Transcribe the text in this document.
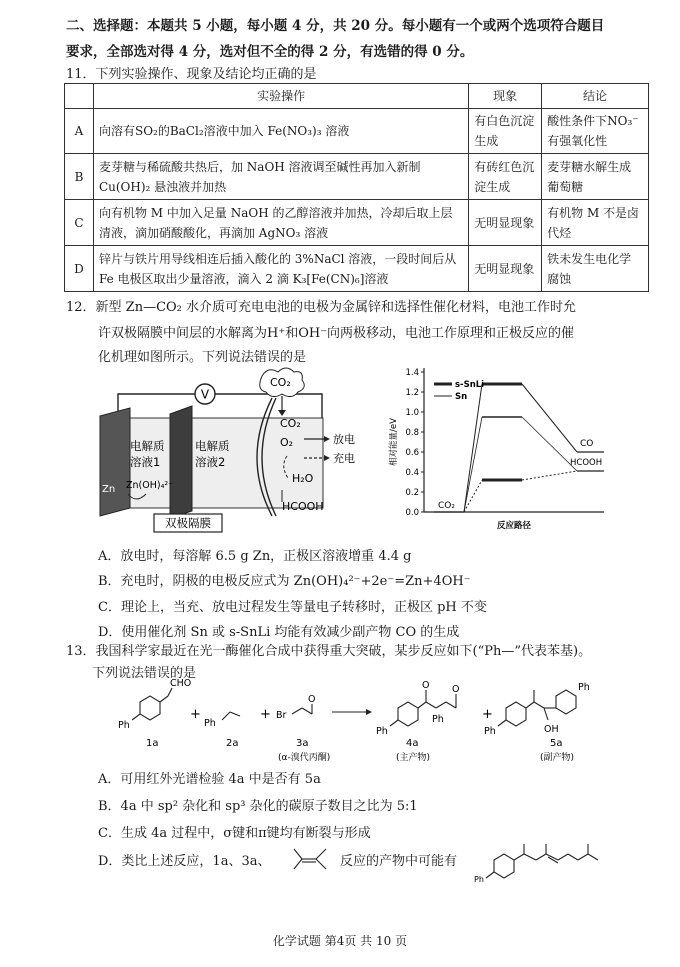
二、选择题：本题共 5 小题，每小题 4 分，共 20 分。每小题有一个或两个选项符合题目
要求，全部选对得 4 分，选对但不全的得 2 分，有选错的得 0 分。
11．下列实验操作、现象及结论均正确的是
	实验操作	现象	结论
A	向溶有SO₂的BaCl₂溶液中加入 Fe(NO₃)₃ 溶液	有白色沉淀生成	酸性条件下NO₃⁻有强氧化性
B	麦芽糖与稀硫酸共热后，加 NaOH 溶液调至碱性再加入新制 Cu(OH)₂ 悬浊液并加热	有砖红色沉淀生成	麦芽糖水解生成葡萄糖
C	向有机物 M 中加入足量 NaOH 的乙醇溶液并加热，冷却后取上层清液，滴加硝酸酸化，再滴加 AgNO₃ 溶液	无明显现象	有机物 M 不是卤代烃
D	锌片与铁片用导线相连后插入酸化的 3%NaCl 溶液，一段时间后从 Fe 电极区取出少量溶液，滴入 2 滴 K₃[Fe(CN)₆]溶液	无明显现象	铁未发生电化学腐蚀
12．新型 Zn—CO₂ 水介质可充电电池的电极为金属锌和选择性催化材料，电池工作时允
许双极隔膜中间层的水解离为H⁺和OH⁻向两极移动，电池工作原理和正极反应的催
化机理如图所示。下列说法错误的是
V
电解质
溶液1
电解质
溶液2
Zn Zn(OH)₄²⁻
CO₂
CO₂
O₂	放电
充电
H₂O
HCOOH
双极隔膜
0.0
0.2
0.4
0.6
0.8
1.0
1.2
1.4
相对能量/eV
反应路径
CO₂
CO
HCOOH
s-SnLi
Sn
A．放电时，每溶解 6.5 g Zn，正极区溶液增重 4.4 g
B．充电时，阴极的电极反应式为 Zn(OH)₄²⁻+2e⁻=Zn+4OH⁻
C．理论上，当充、放电过程发生等量电子转移时，正极区 pH 不变
D．使用催化剂 Sn 或 s-SnLi 均能有效减少副产物 CO 的生成
13．我国科学家最近在光一酶催化合成中获得重大突破，某步反应如下(“Ph—”代表苯基)。
下列说法错误的是
CHO
Ph	Ph
Br
O
O O
Ph
Ph
Ph
Ph
OH
+	+	+
1a	2a	3a
(α-溴代丙酮)
4a
(主产物)
5a
(副产物)
A．可用红外光谱检验 4a 中是否有 5a
B．4a 中 sp² 杂化和 sp³ 杂化的碳原子数目之比为 5:1
C．生成 4a 过程中，σ键和π键均有断裂与形成
D．类比上述反应，1a、3a、	反应的产物中可能有
Ph
化学试题 第4页 共 10 页
